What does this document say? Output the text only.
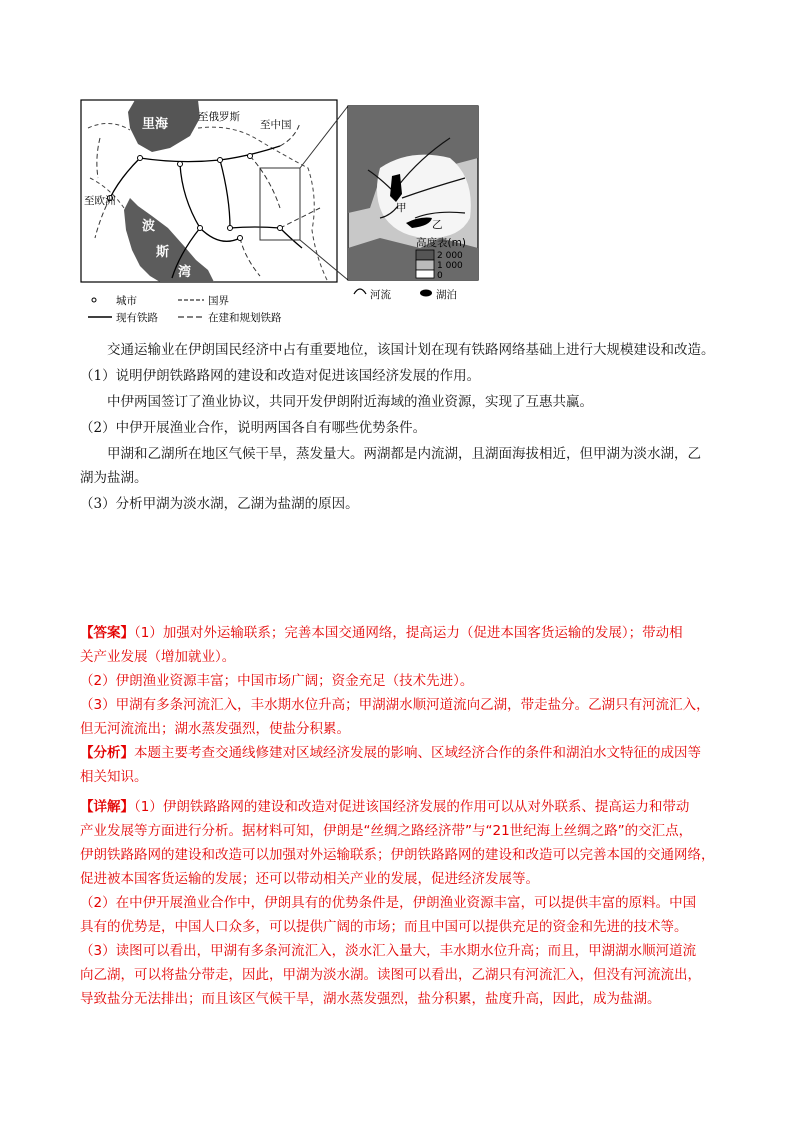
甲
乙
高度表(m)
2 000
1 000
0
里海
波
斯
湾
至俄罗斯
至中国
至欧洲
城市	国界
现有铁路	在建和规划铁路
河流	湖泊

交通运输业在伊朗国民经济中占有重要地位，该国计划在现有铁路网络基础上进行大规模建设和改造。

（1）说明伊朗铁路路网的建设和改造对促进该国经济发展的作用。

中伊两国签订了渔业协议，共同开发伊朗附近海域的渔业资源，实现了互惠共赢。

（2）中伊开展渔业合作，说明两国各自有哪些优势条件。

甲湖和乙湖所在地区气候干旱，蒸发量大。两湖都是内流湖，且湖面海拔相近，但甲湖为淡水湖，乙

湖为盐湖。

（3）分析甲湖为淡水湖，乙湖为盐湖的原因。

【答案】（1）加强对外运输联系；完善本国交通网络，提高运力（促进本国客货运输的发展）；带动相
关产业发展（增加就业）。
（2）伊朗渔业资源丰富；中国市场广阔；资金充足（技术先进）。
（3）甲湖有多条河流汇入，丰水期水位升高；甲湖湖水顺河道流向乙湖，带走盐分。乙湖只有河流汇入，
但无河流流出；湖水蒸发强烈，使盐分积累。
【分析】本题主要考查交通线修建对区域经济发展的影响、区域经济合作的条件和湖泊水文特征的成因等
相关知识。
【详解】（1）伊朗铁路路网的建设和改造对促进该国经济发展的作用可以从对外联系、提高运力和带动
产业发展等方面进行分析。据材料可知，伊朗是“丝绸之路经济带”与“21世纪海上丝绸之路”的交汇点，
伊朗铁路路网的建设和改造可以加强对外运输联系；伊朗铁路路网的建设和改造可以完善本国的交通网络，
促进被本国客货运输的发展；还可以带动相关产业的发展，促进经济发展等。
（2）在中伊开展渔业合作中，伊朗具有的优势条件是，伊朗渔业资源丰富，可以提供丰富的原料。中国
具有的优势是，中国人口众多，可以提供广阔的市场；而且中国可以提供充足的资金和先进的技术等。
（3）读图可以看出，甲湖有多条河流汇入，淡水汇入量大，丰水期水位升高；而且，甲湖湖水顺河道流
向乙湖，可以将盐分带走，因此，甲湖为淡水湖。读图可以看出，乙湖只有河流汇入，但没有河流流出，
导致盐分无法排出；而且该区气候干旱，湖水蒸发强烈，盐分积累，盐度升高，因此，成为盐湖。
